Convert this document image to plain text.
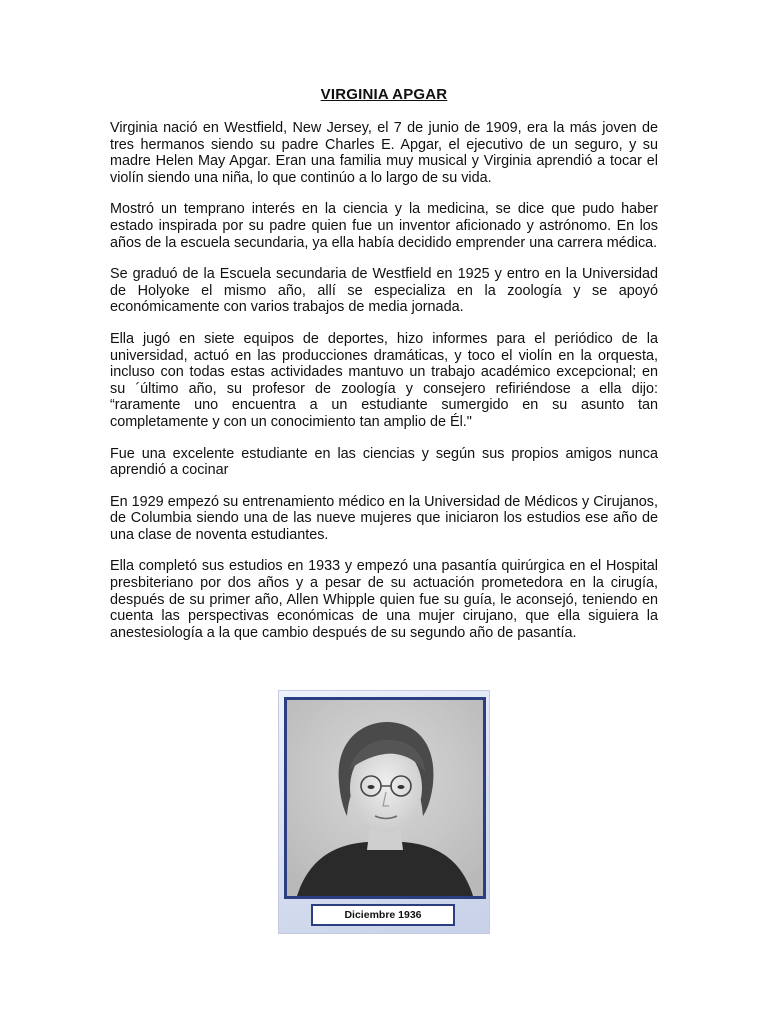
VIRGINIA APGAR

Virginia nació en Westfield, New Jersey, el 7 de junio de 1909, era la más joven de tres hermanos siendo su padre Charles E. Apgar, el ejecutivo de un seguro, y su madre Helen May Apgar. Eran una familia muy musical y Virginia aprendió a tocar el violín siendo una niña, lo que continúo a lo largo de su vida.

Mostró un temprano interés en la ciencia y la medicina, se dice que pudo haber estado inspirada por su padre quien fue un inventor aficionado y astrónomo. En los años de la escuela secundaria, ya ella había decidido emprender una carrera médica.

Se graduó de la Escuela secundaria de Westfield en 1925 y entro en la Universidad de Holyoke el mismo año, allí se especializa en la zoología y se apoyó económicamente con varios trabajos de media jornada.

Ella jugó en siete equipos de deportes, hizo informes para el periódico de la universidad, actuó en las producciones dramáticas, y toco el violín en la orquesta, incluso con todas estas actividades mantuvo un trabajo académico excepcional; en su ´último año, su profesor de zoología y consejero refiriéndose a ella dijo: “raramente uno encuentra a un estudiante sumergido en su asunto tan completamente y con un conocimiento tan amplio de Él."

Fue una excelente estudiante en las ciencias y según sus propios amigos nunca aprendió a cocinar

En 1929 empezó su entrenamiento médico en la Universidad de Médicos y Cirujanos, de Columbia siendo una de las nueve mujeres que iniciaron los estudios ese año de una clase de noventa estudiantes.

Ella completó sus estudios en 1933 y empezó una pasantía quirúrgica en el Hospital presbiteriano por dos años y a pesar de su actuación prometedora en la cirugía, después de su primer año, Allen Whipple quien fue su guía, le aconsejó, teniendo en cuenta las perspectivas económicas de una mujer cirujano, que ella siguiera la anestesiología a la que cambio después de su segundo año de pasantía.

Diciembre 1936
